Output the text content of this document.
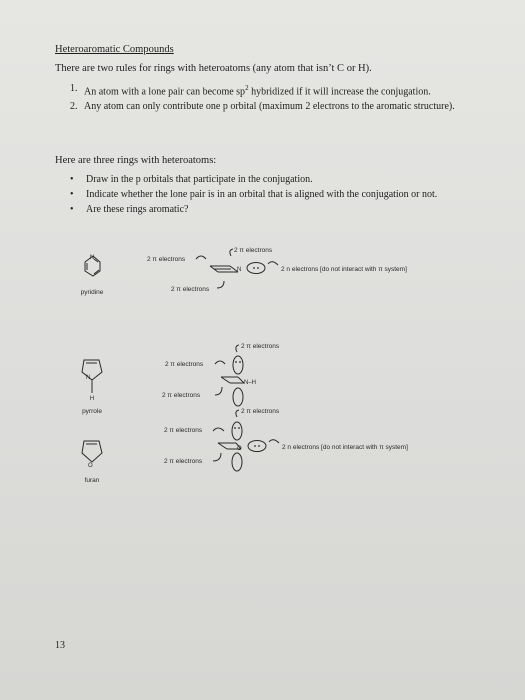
Heteroaromatic Compounds
There are two rules for rings with heteroatoms (any atom that isn’t C or H).
1. An atom with a lone pair can become $sp^2$ hybridized if it will increase the conjugation.
2. Any atom can only contribute one p orbital (maximum 2 electrons to the aromatic structure).
Here are three rings with heteroatoms:
• Draw in the p orbitals that participate in the conjugation.
• Indicate whether the lone pair is in an orbital that is aligned with the conjugation or not.
• Are these rings aromatic?
N
pyridine
2 π electrons
2 π electrons
N	2 n electrons [do not interact with π system]
2 π electrons
N
H
pyrrole
2 π electrons
2 π electrons
N–H
2 π electrons
O
furan
2 π electrons
2 π electrons
O	2 n electrons [do not interact with π system]
2 π electrons
13
